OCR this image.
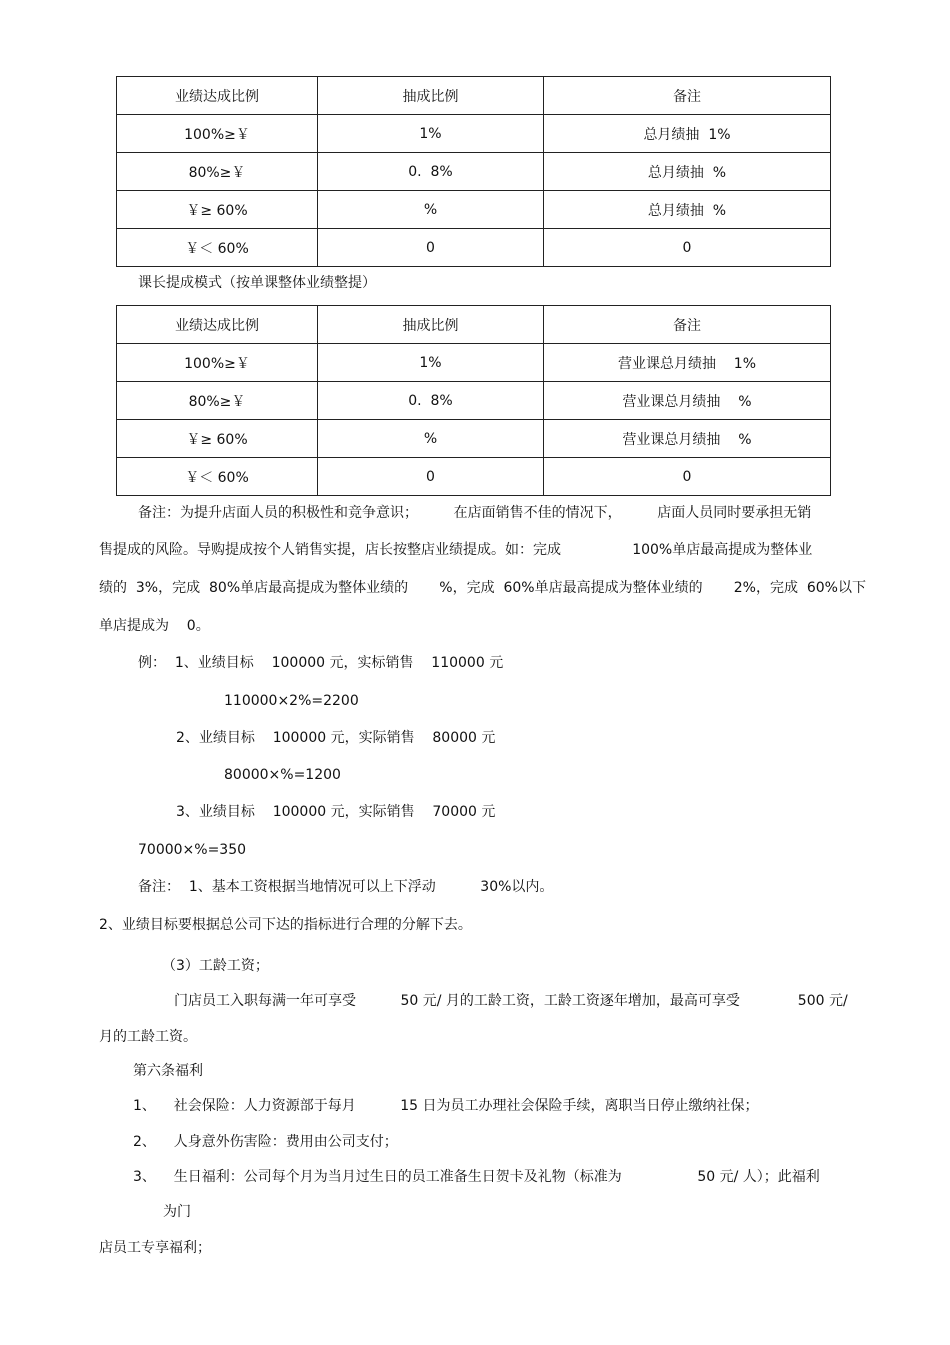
业绩达成比例	抽成比例	备注
100%≥￥	1%	总月绩抽  1%
80%≥￥	0.  8%	总月绩抽  %
￥≥ 60%	%	总月绩抽  %
￥＜ 60%	0	0
课长提成模式（按单课整体业绩整提）
业绩达成比例	抽成比例	备注
100%≥￥	1%	营业课总月绩抽    1%
80%≥￥	0.  8%	营业课总月绩抽    %
￥≥ 60%	%	营业课总月绩抽    %
￥＜ 60%	0	0
备注：为提升店面人员的积极性和竞争意识；        在店面销售不佳的情况下，        店面人员同时要承担无销
售提成的风险。导购提成按个人销售实提，店长按整店业绩提成。如：完成                100%单店最高提成为整体业
绩的  3%，完成  80%单店最高提成为整体业绩的       %，完成  60%单店最高提成为整体业绩的       2%，完成  60%以下
单店提成为    0。
例：  1、业绩目标    100000 元，实标销售    110000 元
110000×2%=2200
2、业绩目标    100000 元，实际销售    80000 元
80000×%=1200
3、业绩目标    100000 元，实际销售    70000 元
70000×%=350
备注：  1、基本工资根据当地情况可以上下浮动          30%以内。
2、业绩目标要根据总公司下达的指标进行合理的分解下去。
（3）工龄工资；
门店员工入职每满一年可享受          50 元/ 月的工龄工资，工龄工资逐年增加，最高可享受             500 元/
月的工龄工资。
第六条福利
1、    社会保险：人力资源部于每月          15 日为员工办理社会保险手续，离职当日停止缴纳社保；
2、    人身意外伤害险：费用由公司支付；
3、    生日福利：公司每个月为当月过生日的员工准备生日贺卡及礼物（标准为                 50 元/ 人）；此福利
为门
店员工专享福利；
